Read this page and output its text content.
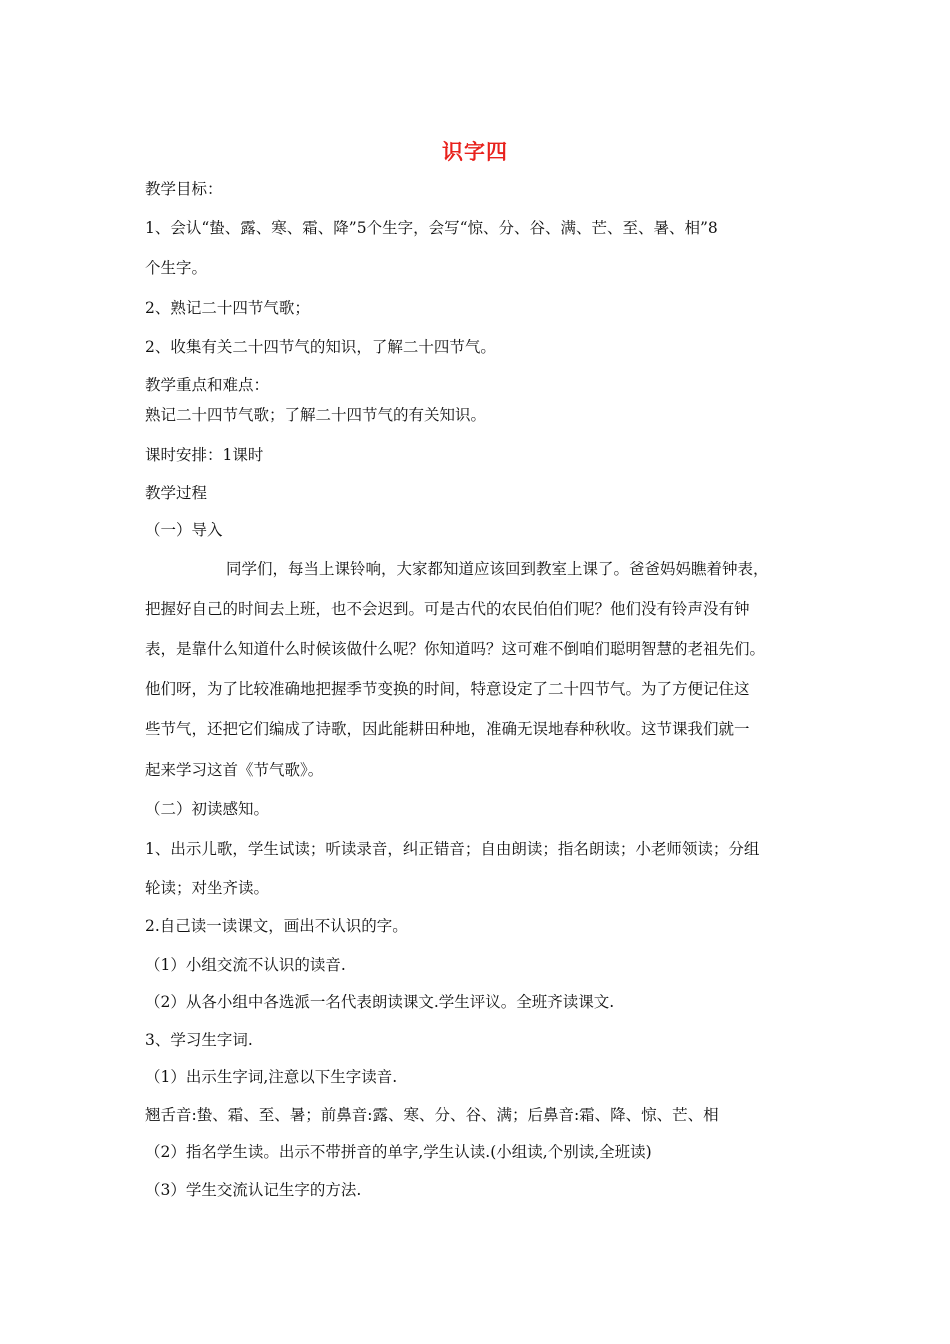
识字四
教学目标：
1、会认“蛰、露、寒、霜、降”5个生字，会写“惊、分、谷、满、芒、至、暑、相”8
个生字。
2、熟记二十四节气歌；
2、收集有关二十四节气的知识，了解二十四节气。
教学重点和难点：
熟记二十四节气歌；了解二十四节气的有关知识。
课时安排：1课时
教学过程
（一）导入
同学们，每当上课铃响，大家都知道应该回到教室上课了。爸爸妈妈瞧着钟表，
把握好自己的时间去上班，也不会迟到。可是古代的农民伯伯们呢？他们没有铃声没有钟
表，是靠什么知道什么时候该做什么呢？你知道吗？这可难不倒咱们聪明智慧的老祖先们。
他们呀，为了比较准确地把握季节变换的时间，特意设定了二十四节气。为了方便记住这
些节气，还把它们编成了诗歌，因此能耕田种地，准确无误地春种秋收。这节课我们就一
起来学习这首《节气歌》。
（二）初读感知。
1、出示儿歌，学生试读；听读录音，纠正错音；自由朗读；指名朗读；小老师领读；分组
轮读；对坐齐读。
2.自己读一读课文，画出不认识的字。
（1）小组交流不认识的读音.
（2）从各小组中各选派一名代表朗读课文.学生评议。全班齐读课文.
3、学习生字词.
（1）出示生字词,注意以下生字读音.
翘舌音:蛰、霜、至、暑；前鼻音:露、寒、分、谷、满；后鼻音:霜、降、惊、芒、相
（2）指名学生读。出示不带拼音的单字,学生认读.(小组读,个别读,全班读)
（3）学生交流认记生字的方法.
